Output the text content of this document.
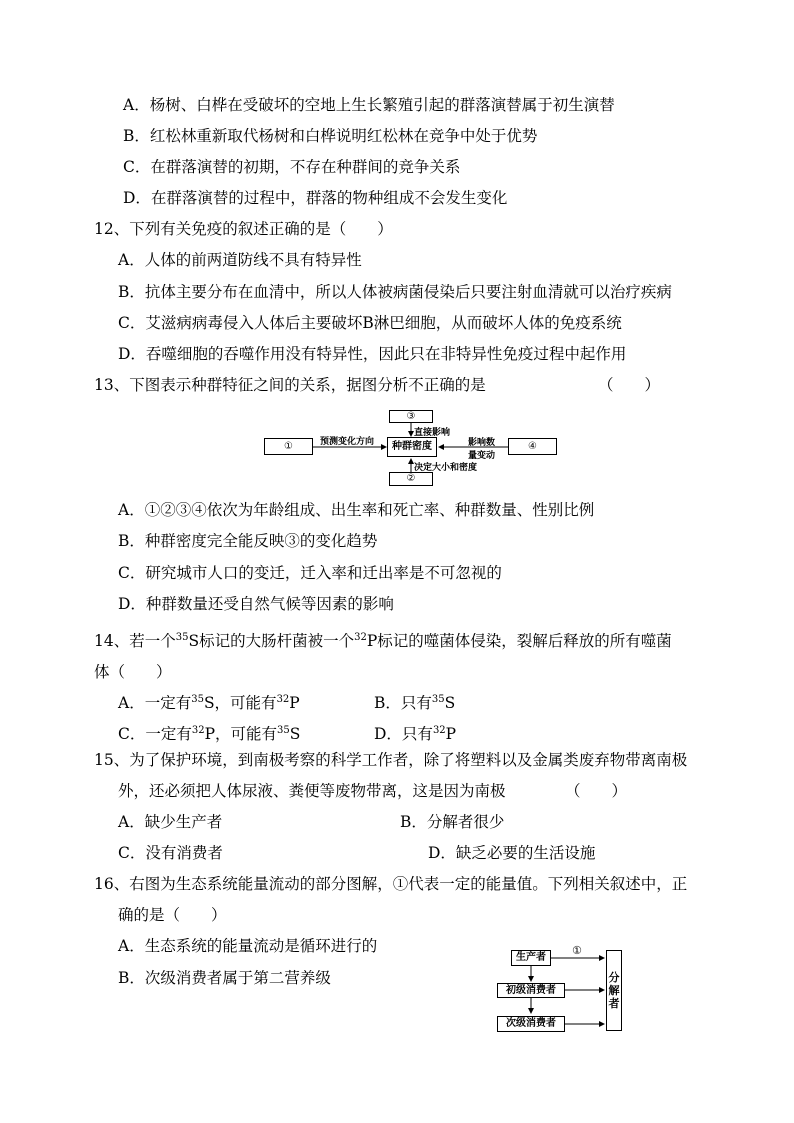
A．杨树、白桦在受破坏的空地上生长繁殖引起的群落演替属于初生演替
B．红松林重新取代杨树和白桦说明红松林在竞争中处于优势
C．在群落演替的初期，不存在种群间的竞争关系
D．在群落演替的过程中，群落的物种组成不会发生变化
12、下列有关免疫的叙述正确的是（　　）
A．人体的前两道防线不具有特异性
B．抗体主要分布在血清中，所以人体被病菌侵染后只要注射血清就可以治疗疾病
C．艾滋病病毒侵入人体后主要破坏B淋巴细胞，从而破坏人体的免疫系统
D．吞噬细胞的吞噬作用没有特异性，因此只在非特异性免疫过程中起作用
13、下图表示种群特征之间的关系，据图分析不正确的是	（　　）
①
③
种群密度
②
④
预测变化方向
直接影响
决定大小和密度
影响数
量变动
A．①②③④依次为年龄组成、出生率和死亡率、种群数量、性别比例
B．种群密度完全能反映③的变化趋势
C．研究城市人口的变迁，迁入率和迁出率是不可忽视的
D．种群数量还受自然气候等因素的影响
14、若一个$^{35}$S标记的大肠杆菌被一个$^{32}$P标记的噬菌体侵染，裂解后释放的所有噬菌
体（　　）
A．一定有$^{35}$S，可能有$^{32}$P	B．只有$^{35}$S
C．一定有$^{32}$P，可能有$^{35}$S	D．只有$^{32}$P
15、为了保护环境，到南极考察的科学工作者，除了将塑料以及金属类废弃物带离南极
外，还必须把人体尿液、粪便等废物带离，这是因为南极	（　　）
A．缺少生产者	B．分解者很少
C．没有消费者	D．缺乏必要的生活设施
16、右图为生态系统能量流动的部分图解，①代表一定的能量值。下列相关叙述中，正
确的是（　　）
A．生态系统的能量流动是循环进行的
B．次级消费者属于第二营养级
生产者
初级消费者
次级消费者
分解者
①
